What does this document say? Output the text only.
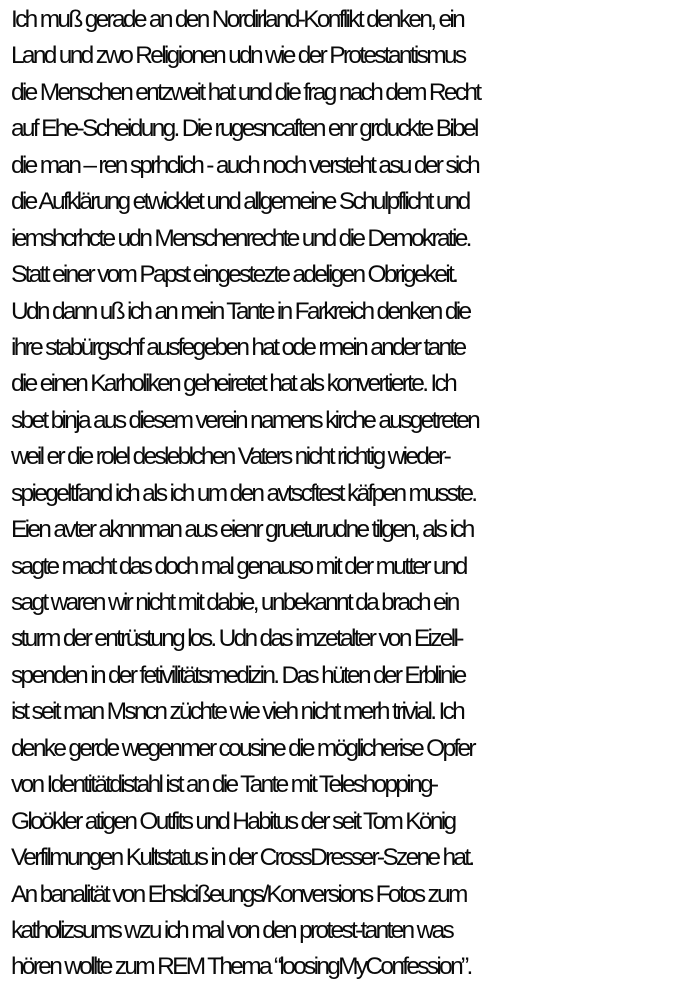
Ich muß gerade an den Nordirland-Konflikt denken, ein
Land und zwo Religionen udn wie der Protestantismus
die Menschen entzweit hat und die frag nach dem Recht
auf Ehe-Scheidung. Die rugesncaften enr grduckte Bibel
die man – ren sprhclich - auch noch versteht asu der sich
die Aufklärung etwicklet und allgemeine Schulpflicht und
iemshcrhcte udn Menschenrechte und die Demokratie.
Statt einer vom Papst eingestezte adeligen Obrigekeit.
Udn dann uß ich an mein Tante in Farkreich denken die
ihre stabürgschf ausfegeben hat ode rmein ander tante
die einen Karholiken geheiretet hat als konvertierte. Ich
sbet binja aus diesem verein namens kirche ausgetreten
weil er die rolel desleblchen Vaters nicht richtig wieder-
spiegeltfand ich als ich um den avtscftest käfpen musste.
Eien avter aknnman aus eienr grueturudne tilgen, als ich
sagte macht das doch mal genauso mit der mutter und
sagt waren wir nicht mit dabie, unbekannt da brach ein
sturm der entrüstung los. Udn das imzetalter von Eizell-
spenden in der fetivilitätsmedizin. Das hüten der Erblinie
ist seit man Msncn züchte wie vieh nicht merh trivial. Ich
denke gerde wegenmer cousine die möglicherise Opfer
von Identitätdistahl ist an die Tante mit Teleshopping-
Gloökler atigen Outfits und Habitus der seit Tom König
Verfilmungen Kultstatus in der CrossDresser-Szene hat.
An banalität von Ehslcißeungs/Konversions Fotos zum
katholizsums wzu ich mal von den protest-tanten was
hören wollte zum REM Thema “loosingMyConfession”.
